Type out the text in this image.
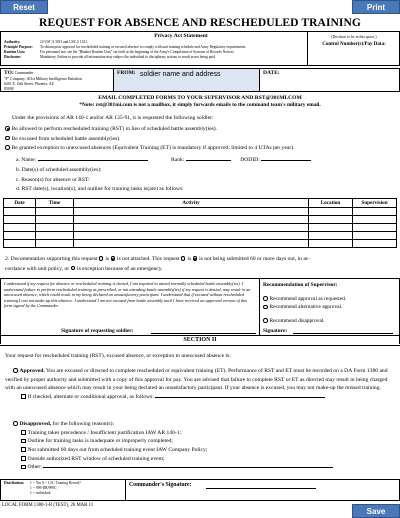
Reset	Print
REQUEST FOR ABSENCE AND RESCHEDULED TRAINING
Privacy Act Statement
Authority:	10 USC § 3013 and USC § 1321.
Principle Purpose: To obtain prior approval for rescheduled training or excused absence to comply with unit training schedule and Army Regulatory requirements.
Routine Uses:	For personnel use, see the "Blanket Routine Uses" set forth at the beginning of the Army's Compilation of Systems of Records Notices.
Disclosure:	Mandatory. Failure to provide all information may subject the individual to disciplinary actions or result in not being paid.
(Decision to be in this space.)
Control Number(s)/Pay Data:
TO: Commander
"F" Company, 301st Military Intelligence Battalion
6201 E. Oak Street, Phoenix, AZ
85008
FROM: soldier name and address	DATE:
EMAIL COMPLETED FORMS TO YOUR SUPERVISOR AND RST@301MI.COM
*Note: rst@301mi.com is not a mailbox, it simply forwards emails to the command team's military email.
Under the provisions of AR 140-1 and/or AR 135-91, it is requested the following soldier:
Be allowed to perform rescheduled training (RST) in lieu of scheduled battle assembly(ies).
Be excused from scheduled battle assembly(ies).
Be granted exception to unexcused absences (Equivalent Training (ET) is mandatory if approved; limited to 4 UTAs per year).
a. Name:	Rank:	DODID:
b. Date(s) of scheduled assembly(ies):
c. Reason(s) for absence or RST:
d. RST date(s), location(s), and outline for training tasks is(are) as follows:
Date	Time	Activity	Location	Supervision

2. Documentation supporting this request is is not attached. This request is is not being submitted 60 or more days out, in ac-
cordance with unit policy, or is exception because of an emergency.
I understand if my request for absence or rescheduled training is denied, I am required to attend normally scheduled battle assembly(ies). I understand failure to perform rescheduled training as prescribed, or not attending battle assembly(ies) if my request is denied, may result in an unexcused absence, which could result in my being declared an unsatisfactory participant. I understand that if excused without rescheduled training I can not make-up this absence. I understand I am not excused from battle assembly until I have received an approved version of this form signed by the Commander.
Signature of requesting soldier:
Recommendation of Supervisor:
Recommend approval as requested.
Recommend alternative approval.
Recommend disapproval.
Signature:
SECTION II
Your request for rescheduled training (RST), excused absence, or exception to unexcused absence is:
Approved. You are excused or directed to complete rescheduled or equivalent training (ET). Performance of RST and ET must be recorded on a DA Form 1380 and verified by proper authority and submitted with a copy of this approval for pay. You are advised that failure to complete RST or ET as directed may result in being charged with an unexcused absence which may result in your being declared an unsatisfactory participant. If your absence is excused, you may not make-up the missed training.
If checked, alternate or conditional approval, as follows:
Disapproved, for the following reason(s):
Training takes precedence / Insufficient justification IAW AR 140-1;
Outline for training tasks is inadequate or improperly completed;
Not submitted 60 days out from scheduled training event IAW Company Policy;
Outside authorized RST window of scheduled training event;
Other:
Distribution: 1 -- Yes 0 -- UA / Training Record?
1 -- 999-DR/999C
1 -- individual
Commander's Signature:
LOCAL FORM 1380-1-R (TEST), 26 MAR 11
Save
